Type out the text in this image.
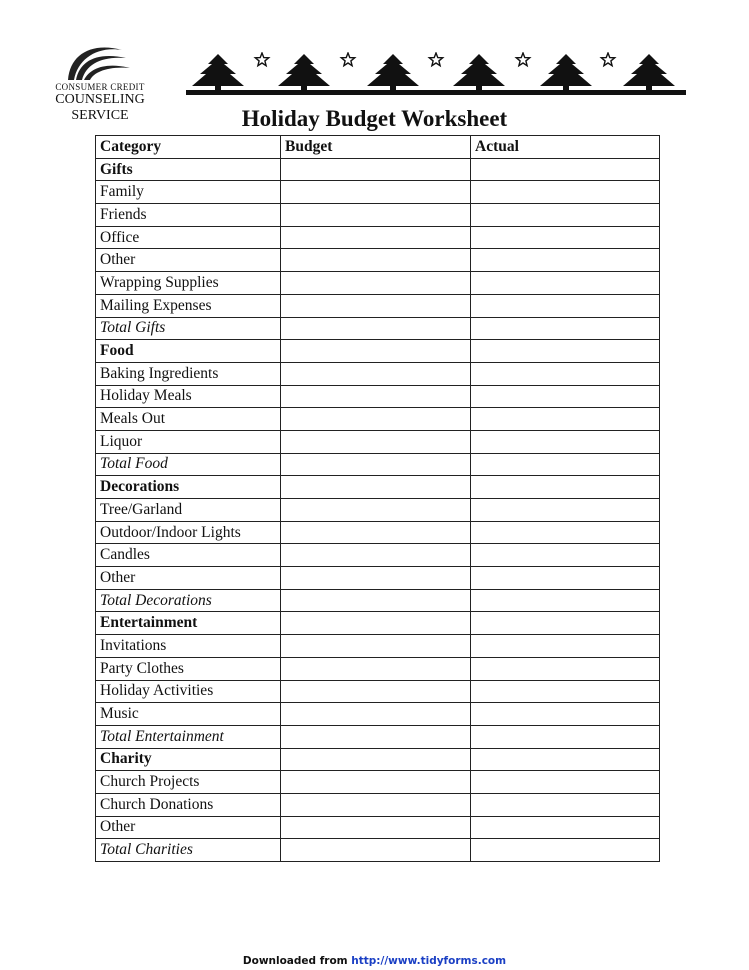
CONSUMER CREDIT
COUNSELING SERVICE	Holiday Budget Worksheet
Category	Budget	Actual
Gifts		
Family		
Friends		
Office		
Other		
Wrapping Supplies		
Mailing Expenses		
Total Gifts		
Food		
Baking Ingredients		
Holiday Meals		
Meals Out		
Liquor		
Total Food		
Decorations		
Tree/Garland		
Outdoor/Indoor Lights		
Candles		
Other		
Total Decorations		
Entertainment		
Invitations		
Party Clothes		
Holiday Activities		
Music		
Total Entertainment		
Charity		
Church Projects		
Church Donations		
Other		
Total Charities		
Downloaded from http://www.tidyforms.com
